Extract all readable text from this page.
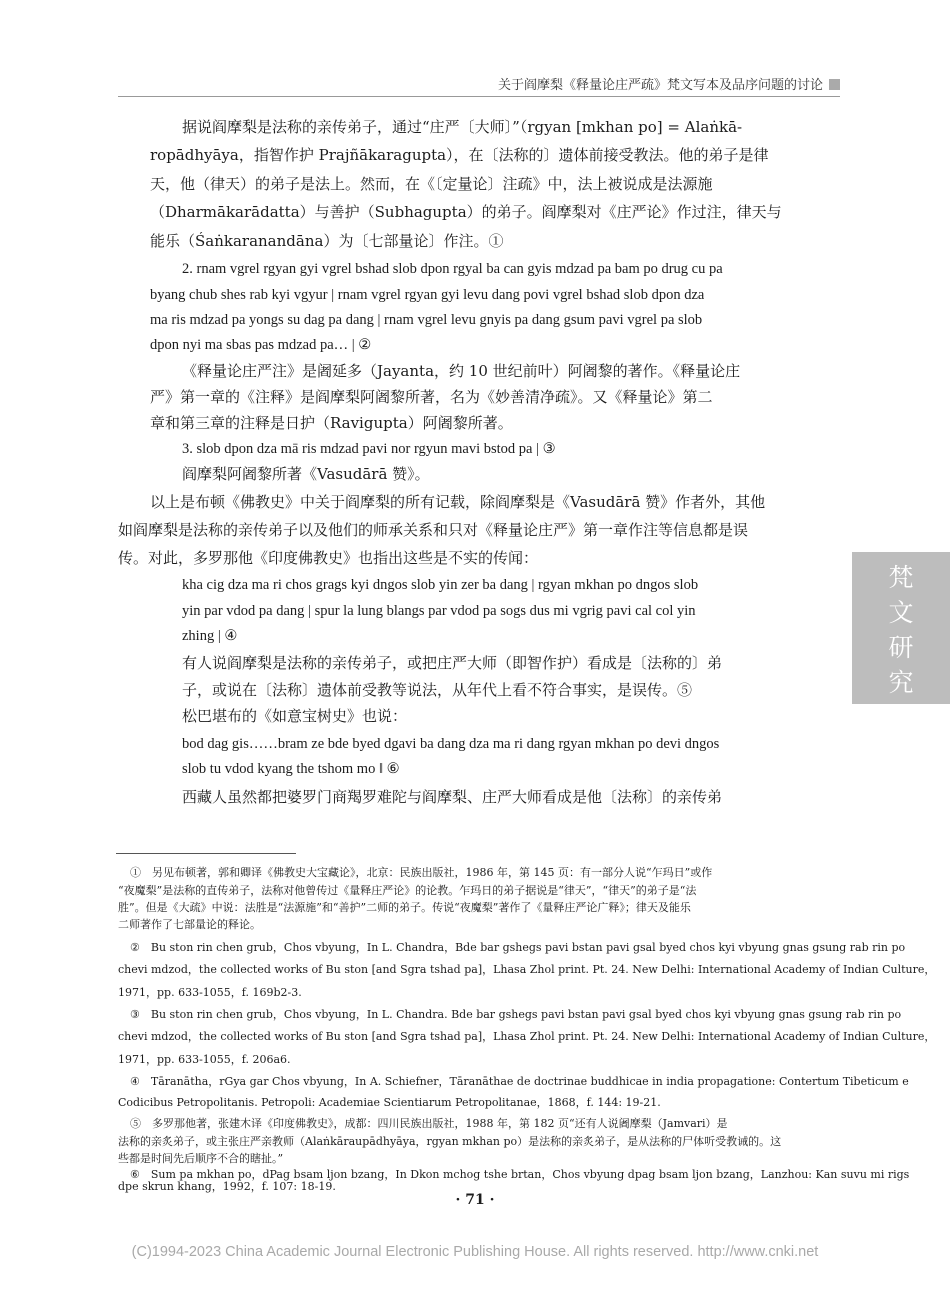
关于阎摩梨《释量论庄严疏》梵文写本及品序问题的讨论
据说阎摩梨是法称的亲传弟子，通过“庄严〔大师〕”（rgyan [mkhan po] = Alaṅkā-
ropādhyāya，指智作护 Prajñākaragupta），在〔法称的〕遗体前接受教法。他的弟子是律
天，他（律天）的弟子是法上。然而，在《〔定量论〕注疏》中，法上被说成是法源施
（Dharmākarādatta）与善护（Subhagupta）的弟子。阎摩梨对《庄严论》作过注，律天与
能乐（Śaṅkaranandāna）为〔七部量论〕作注。①
2. rnam vgrel rgyan gyi vgrel bshad slob dpon rgyal ba can gyis mdzad pa bam po drug cu pa
byang chub shes rab kyi vgyur | rnam vgrel rgyan gyi levu dang povi vgrel bshad slob dpon dza
ma ris mdzad pa yongs su dag pa dang | rnam vgrel levu gnyis pa dang gsum pavi vgrel pa slob
dpon nyi ma sbas pas mdzad pa… | ②
《释量论庄严注》是阇延多（Jayanta，约 10 世纪前叶）阿阇黎的著作。《释量论庄
严》第一章的《注释》是阎摩梨阿阇黎所著，名为《妙善清净疏》。又《释量论》第二
章和第三章的注释是日护（Ravigupta）阿阇黎所著。
3. slob dpon dza mā ris mdzad pavi nor rgyun mavi bstod pa | ③
阎摩梨阿阇黎所著《Vasudārā 赞》。
以上是布顿《佛教史》中关于阎摩梨的所有记载，除阎摩梨是《Vasudārā 赞》作者外，其他
如阎摩梨是法称的亲传弟子以及他们的师承关系和只对《释量论庄严》第一章作注等信息都是误
传。对此，多罗那他《印度佛教史》也指出这些是不实的传闻：
kha cig dza ma ri chos grags kyi dngos slob yin zer ba dang | rgyan mkhan po dngos slob
yin par vdod pa dang | spur la lung blangs par vdod pa sogs dus mi vgrig pavi cal col yin
zhing | ④
有人说阎摩梨是法称的亲传弟子，或把庄严大师（即智作护）看成是〔法称的〕弟
子，或说在〔法称〕遗体前受教等说法，从年代上看不符合事实，是误传。⑤
松巴堪布的《如意宝树史》也说：
bod dag gis……bram ze bde byed dgavi ba dang dza ma ri dang rgyan mkhan po devi dngos
slob tu vdod kyang the tshom mo ‖ ⑥
西藏人虽然都把婆罗门商羯罗难陀与阎摩梨、庄严大师看成是他〔法称〕的亲传弟
梵
文
研
究
①　另见布顿著，郭和卿译《佛教史大宝藏论》，北京：民族出版社，1986 年，第 145 页：有一部分人说“乍玛日”或作
“夜魔梨”是法称的直传弟子，法称对他曾传过《量释庄严论》的论教。乍玛日的弟子据说是“律天”，“律天”的弟子是“法
胜”。但是《大疏》中说：法胜是“法源施”和“善护”二师的弟子。传说“夜魔梨”著作了《量释庄严论广释》；律天及能乐
二师著作了七部量论的释论。
②　Bu ston rin chen grub，Chos vbyung，In L. Chandra，Bde bar gshegs pavi bstan pavi gsal byed chos kyi vbyung gnas gsung rab rin po
chevi mdzod，the collected works of Bu ston [and Sgra tshad pa]，Lhasa Zhol print. Pt. 24. New Delhi: International Academy of Indian Culture，
1971，pp. 633-1055，f. 169b2-3.
③　Bu ston rin chen grub，Chos vbyung，In L. Chandra. Bde bar gshegs pavi bstan pavi gsal byed chos kyi vbyung gnas gsung rab rin po
chevi mdzod，the collected works of Bu ston [and Sgra tshad pa]，Lhasa Zhol print. Pt. 24. New Delhi: International Academy of Indian Culture，
1971，pp. 633-1055，f. 206a6.
④　Tāranātha，rGya gar Chos vbyung，In A. Schiefner，Tāranāthae de doctrinae buddhicae in india propagatione: Contertum Tibeticum e
Codicibus Petropolitanis. Petropoli: Academiae Scientiarum Petropolitanae，1868，f. 144: 19-21.
⑤　多罗那他著，张建木译《印度佛教史》，成都：四川民族出版社，1988 年，第 182 页“还有人说阇摩梨（Jamvari）是
法称的亲炙弟子，或主张庄严亲教师（Alaṅkāraupādhyāya，rgyan mkhan po）是法称的亲炙弟子，是从法称的尸体听受教诫的。这
些都是时间先后顺序不合的瞎扯。”
⑥　Sum pa mkhan po，dPag bsam ljon bzang，In Dkon mchog tshe brtan，Chos vbyung dpag bsam ljon bzang，Lanzhou: Kan suvu mi rigs
dpe skrun khang，1992，f. 107: 18-19.
· 71 ·
(C)1994-2023 China Academic Journal Electronic Publishing House. All rights reserved. http://www.cnki.net
